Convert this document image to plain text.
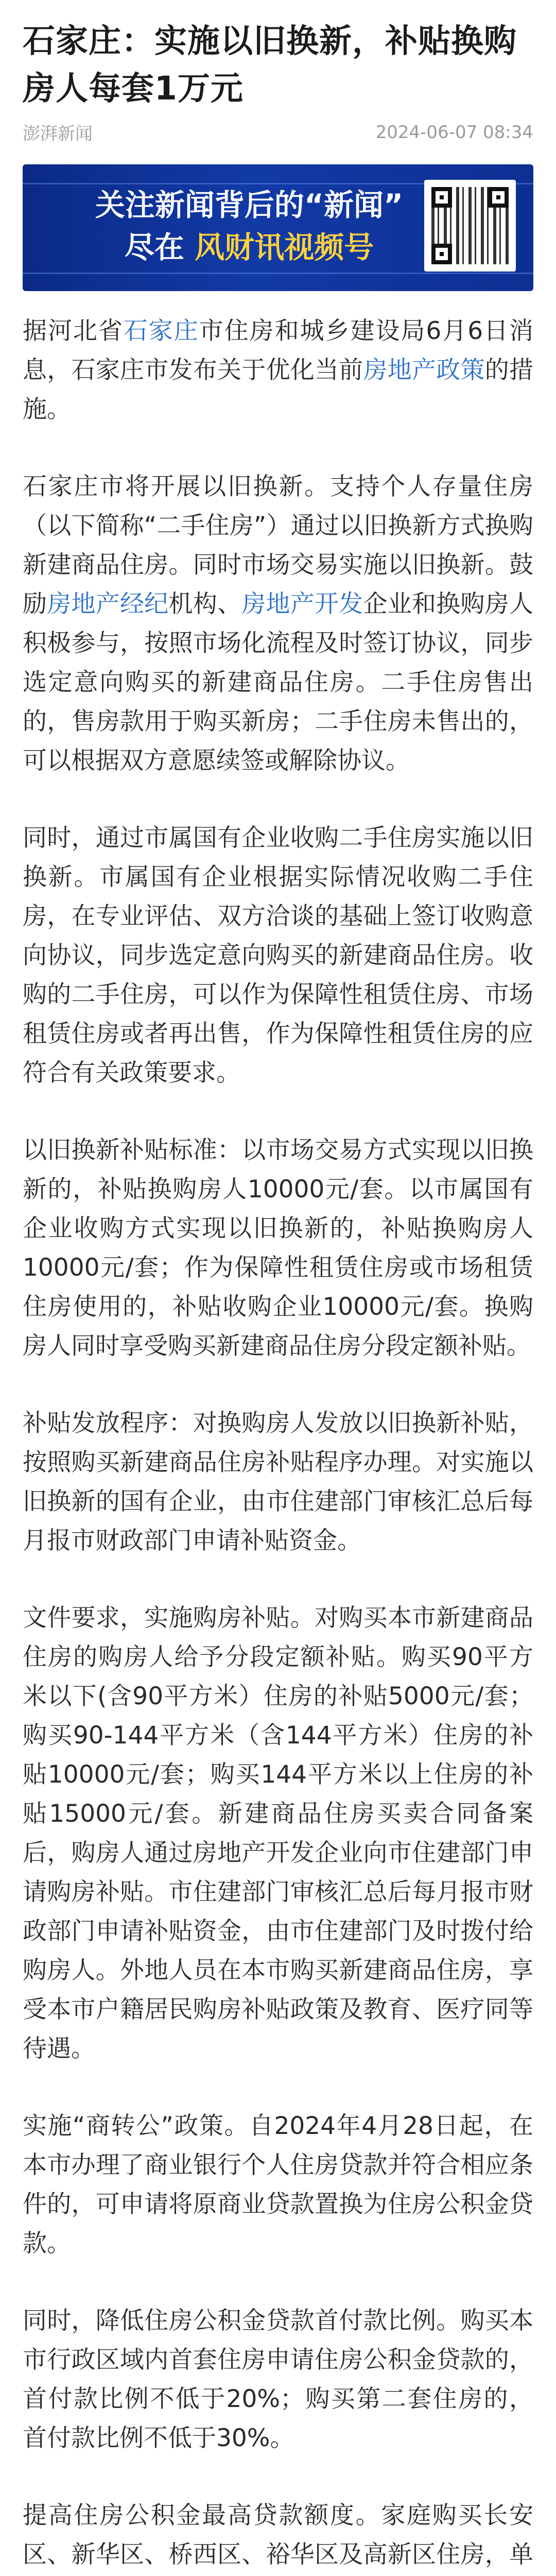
石家庄：实施以旧换新，补贴换购房人每套1万元
澎湃新闻	2024-06-07 08:34
关注新闻背后的“新闻”
尽在 风财讯视频号

据河北省石家庄市住房和城乡建设局6月6日消息，石家庄市发布关于优化当前房地产政策的措施。

石家庄市将开展以旧换新。支持个人存量住房（以下简称“二手住房”）通过以旧换新方式换购新建商品住房。同时市场交易实施以旧换新。鼓励房地产经纪机构、房地产开发企业和换购房人积极参与，按照市场化流程及时签订协议，同步选定意向购买的新建商品住房。二手住房售出的，售房款用于购买新房；二手住房未售出的，可以根据双方意愿续签或解除协议。

同时，通过市属国有企业收购二手住房实施以旧换新。市属国有企业根据实际情况收购二手住房，在专业评估、双方洽谈的基础上签订收购意向协议，同步选定意向购买的新建商品住房。收购的二手住房，可以作为保障性租赁住房、市场租赁住房或者再出售，作为保障性租赁住房的应符合有关政策要求。

以旧换新补贴标准：以市场交易方式实现以旧换新的，补贴换购房人10000元/套。以市属国有企业收购方式实现以旧换新的，补贴换购房人10000元/套；作为保障性租赁住房或市场租赁住房使用的，补贴收购企业10000元/套。换购房人同时享受购买新建商品住房分段定额补贴。

补贴发放程序：对换购房人发放以旧换新补贴，按照购买新建商品住房补贴程序办理。对实施以旧换新的国有企业，由市住建部门审核汇总后每月报市财政部门申请补贴资金。

文件要求，实施购房补贴。对购买本市新建商品住房的购房人给予分段定额补贴。购买90平方米以下(含90平方米）住房的补贴5000元/套；购买90-144平方米（含144平方米）住房的补贴10000元/套；购买144平方米以上住房的补贴15000元/套。新建商品住房买卖合同备案后，购房人通过房地产开发企业向市住建部门申请购房补贴。市住建部门审核汇总后每月报市财政部门申请补贴资金，由市住建部门及时拨付给购房人。外地人员在本市购买新建商品住房，享受本市户籍居民购房补贴政策及教育、医疗同等待遇。

实施“商转公”政策。自2024年4月28日起，在本市办理了商业银行个人住房贷款并符合相应条件的，可申请将原商业贷款置换为住房公积金贷款。

同时，降低住房公积金贷款首付款比例。购买本市行政区域内首套住房申请住房公积金贷款的，首付款比例不低于20%；购买第二套住房的，首付款比例不低于30%。

提高住房公积金最高贷款额度。家庭购买长安区、新华区、桥西区、裕华区及高新区住房，单
